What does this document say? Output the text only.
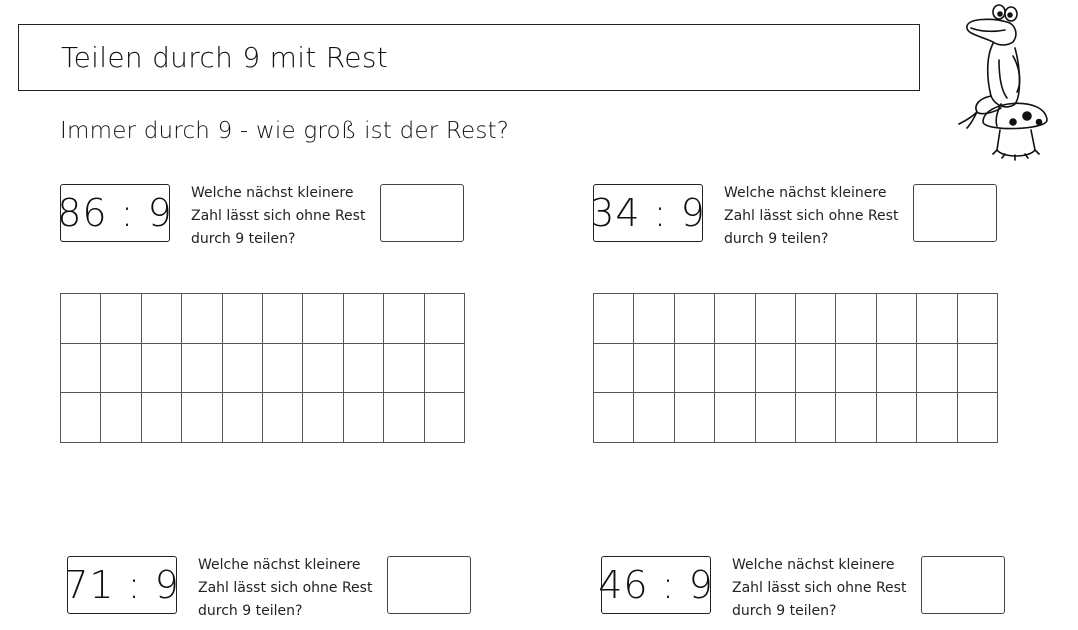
Teilen durch 9 mit Rest
Immer durch 9 - wie groß ist der Rest?
86 : 9 Welche nächst kleinere
Zahl lässt sich ohne Rest
durch 9 teilen?
34 : 9 Welche nächst kleinere
Zahl lässt sich ohne Rest
durch 9 teilen?
71 : 9 Welche nächst kleinere
Zahl lässt sich ohne Rest
durch 9 teilen?
46 : 9 Welche nächst kleinere
Zahl lässt sich ohne Rest
durch 9 teilen?
